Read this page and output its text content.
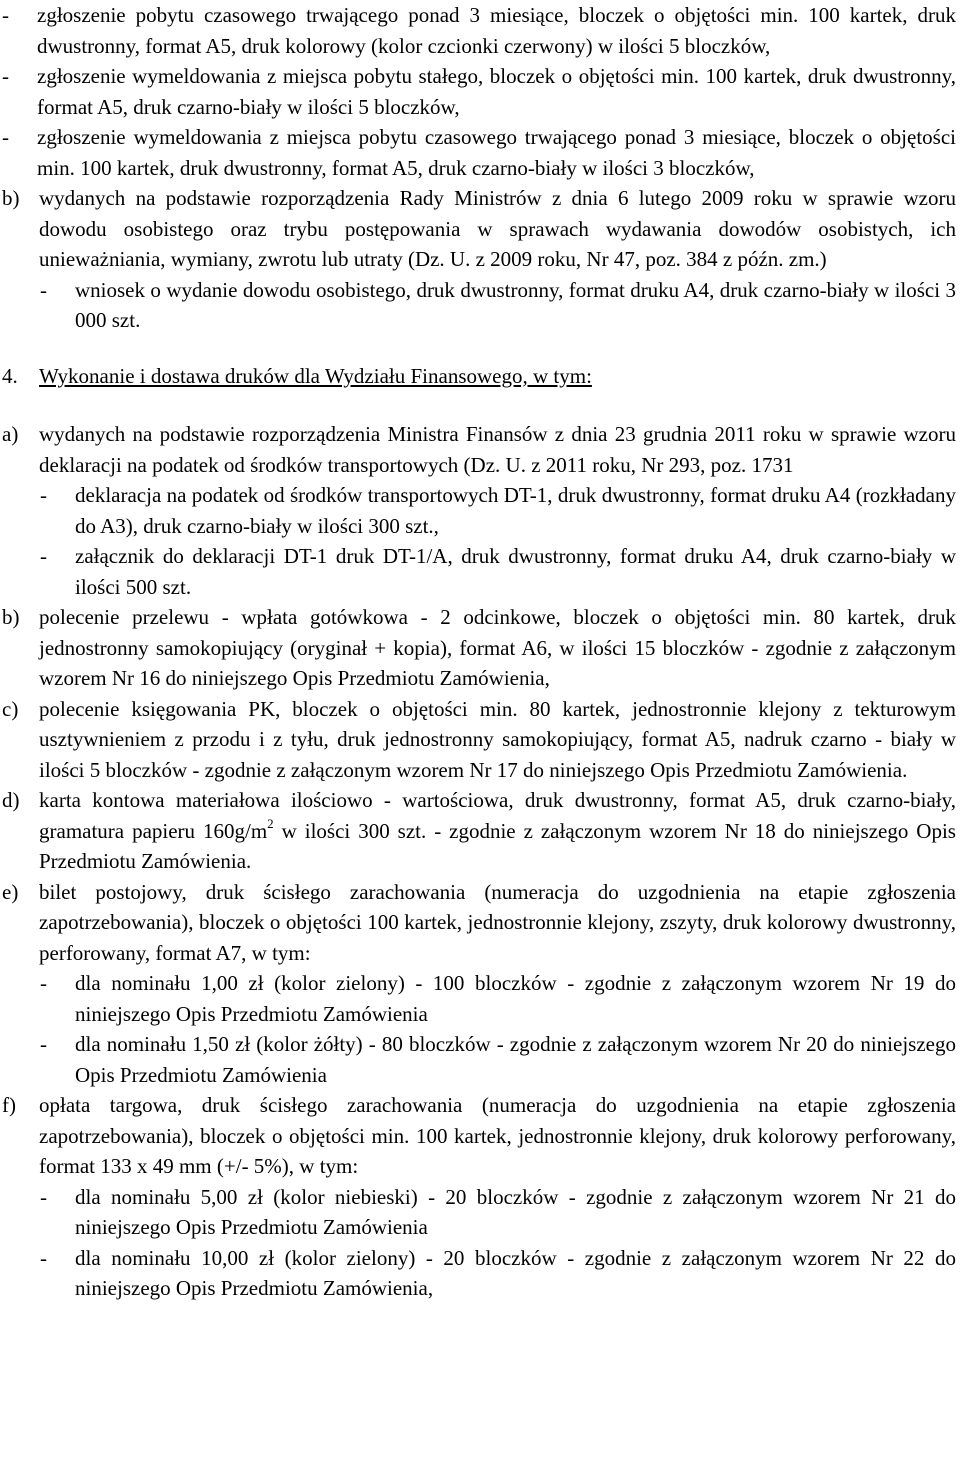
-	zgłoszenie pobytu czasowego trwającego ponad 3 miesiące, bloczek o objętości min. 100 kartek, druk dwustronny, format A5, druk kolorowy (kolor czcionki czerwony) w ilości 5 bloczków,
-	zgłoszenie wymeldowania z miejsca pobytu stałego, bloczek o objętości min. 100 kartek, druk dwustronny, format A5, druk czarno-biały w ilości 5 bloczków,
-	zgłoszenie wymeldowania z miejsca pobytu czasowego trwającego ponad 3 miesiące, bloczek o objętości min. 100 kartek, druk dwustronny, format A5, druk czarno-biały w ilości 3 bloczków,
b) wydanych na podstawie rozporządzenia Rady Ministrów z dnia 6 lutego 2009 roku w sprawie wzoru dowodu osobistego oraz trybu postępowania w sprawach wydawania dowodów osobistych, ich unieważniania, wymiany, zwrotu lub utraty (Dz. U. z 2009 roku, Nr 47, poz. 384 z późn. zm.)
-	wniosek o wydanie dowodu osobistego, druk dwustronny, format druku A4, druk czarno-biały w ilości 3 000 szt.
4.	Wykonanie i dostawa druków dla Wydziału Finansowego, w tym:
a) wydanych na podstawie rozporządzenia Ministra Finansów z dnia 23 grudnia 2011 roku w sprawie wzoru deklaracji na podatek od środków transportowych (Dz. U. z 2011 roku, Nr 293, poz. 1731
-	deklaracja na podatek od środków transportowych DT-1, druk dwustronny, format druku A4 (rozkładany do A3), druk czarno-biały w ilości 300 szt.,
-	załącznik do deklaracji DT-1 druk DT-1/A, druk dwustronny, format druku A4, druk czarno-biały w ilości 500 szt.
b) polecenie przelewu - wpłata gotówkowa - 2 odcinkowe, bloczek o objętości min. 80 kartek, druk jednostronny samokopiujący (oryginał + kopia), format A6, w ilości 15 bloczków - zgodnie z załączonym wzorem Nr 16 do niniejszego Opis Przedmiotu Zamówienia,
c) polecenie księgowania PK, bloczek o objętości min. 80 kartek, jednostronnie klejony z tekturowym usztywnieniem z przodu i z tyłu, druk jednostronny samokopiujący, format A5, nadruk czarno - biały w ilości 5 bloczków - zgodnie z załączonym wzorem Nr 17 do niniejszego Opis Przedmiotu Zamówienia.
d) karta kontowa materiałowa ilościowo - wartościowa, druk dwustronny, format A5, druk czarno-biały, gramatura papieru $160g/m^2$ w ilości 300 szt. - zgodnie z załączonym wzorem Nr 18 do niniejszego Opis Przedmiotu Zamówienia.
e) bilet postojowy, druk ścisłego zarachowania (numeracja do uzgodnienia na etapie zgłoszenia zapotrzebowania), bloczek o objętości 100 kartek, jednostronnie klejony, zszyty, druk kolorowy dwustronny, perforowany, format A7, w tym:
-	dla nominału 1,00 zł (kolor zielony) - 100 bloczków - zgodnie z załączonym wzorem Nr 19 do niniejszego Opis Przedmiotu Zamówienia
-	dla nominału 1,50 zł (kolor żółty) - 80 bloczków - zgodnie z załączonym wzorem Nr 20 do niniejszego Opis Przedmiotu Zamówienia
f)	opłata targowa, druk ścisłego zarachowania (numeracja do uzgodnienia na etapie zgłoszenia zapotrzebowania), bloczek o objętości min. 100 kartek, jednostronnie klejony, druk kolorowy perforowany, format 133 x 49 mm (+/- 5%), w tym:
-	dla nominału 5,00 zł (kolor niebieski) - 20 bloczków - zgodnie z załączonym wzorem Nr 21 do niniejszego Opis Przedmiotu Zamówienia
-	dla nominału 10,00 zł (kolor zielony) - 20 bloczków - zgodnie z załączonym wzorem Nr 22 do niniejszego Opis Przedmiotu Zamówienia,
